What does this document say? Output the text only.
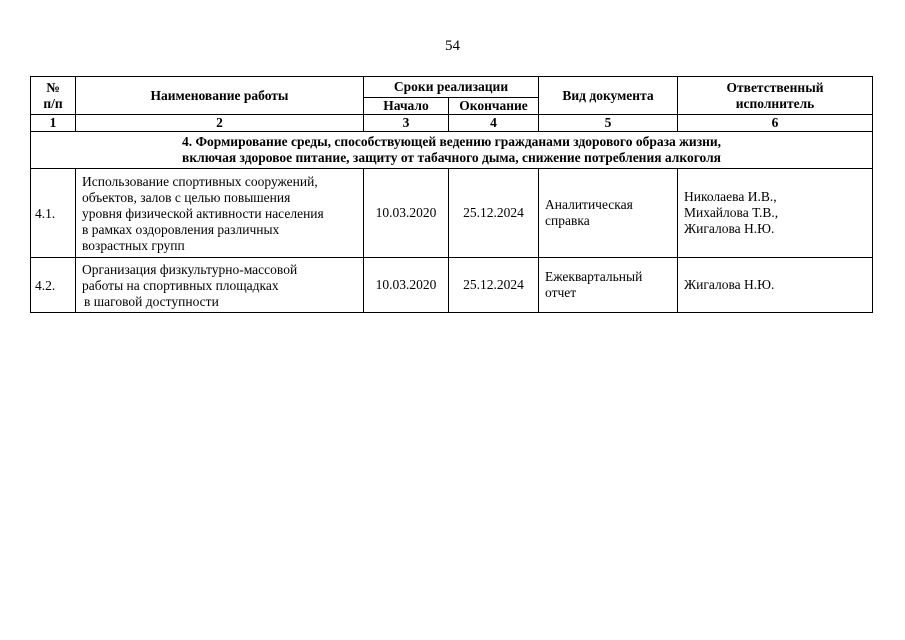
54
№
п/п	Наименование работы	Сроки реализации		Вид документа	Ответственный
исполнитель

		Начало	Окончание		
1	2	3	4	5	6

4. Формирование среды, способствующей ведению гражданами здорового образа жизни,
включая здоровое питание, защиту от табачного дыма, снижение потребления алкоголя					

4.1.	Использование спортивных сооружений,
объектов, залов с целью повышения
уровня физической активности населения
в рамках оздоровления различных
возрастных групп	10.03.2020	25.12.2024	Аналитическая
справка	Николаева И.В.,
Михайлова Т.В.,
Жигалова Н.Ю.

4.2.	Организация физкультурно-массовой
работы на спортивных площадках
в шаговой доступности	10.03.2020	25.12.2024	Ежеквартальный
отчет	Жигалова Н.Ю.
